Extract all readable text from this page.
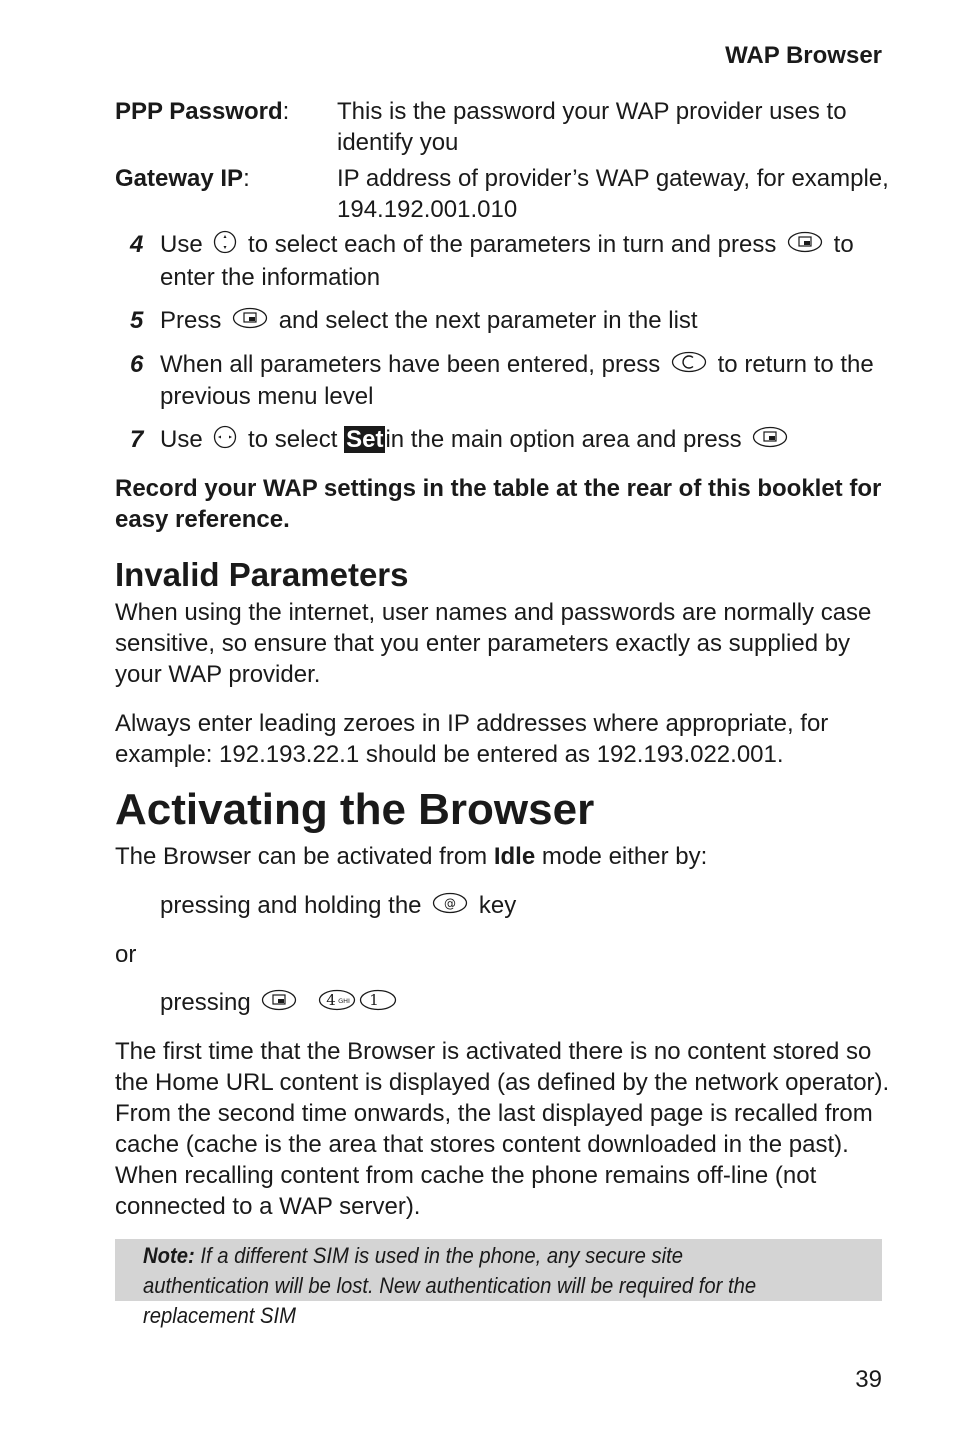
WAP Browser
PPP Password:	This is the password your WAP provider uses to identify you
Gateway IP:	IP address of provider’s WAP gateway, for example, 194.192.001.010
4 Use to select each of the parameters in turn and press to enter the information
5 Press and select the next parameter in the list
6 When all parameters have been entered, press to return to the previous menu level
7 Use to select Setin the main option area and press
Record your WAP settings in the table at the rear of this booklet for easy reference.
Invalid Parameters
When using the internet, user names and passwords are normally case sensitive, so ensure that you enter parameters exactly as supplied by your WAP provider.
Always enter leading zeroes in IP addresses where appropriate, for example: 192.193.22.1 should be entered as 192.193.022.001.
Activating the Browser
The Browser can be activated from Idle mode either by:
pressing and holding the @ key
or
pressing	4 GHI
1
The first time that the Browser is activated there is no content stored so the Home URL content is displayed (as defined by the network operator). From the second time onwards, the last displayed page is recalled from cache (cache is the area that stores content downloaded in the past). When recalling content from cache the phone remains off-line (not connected to a WAP server).
Note: If a different SIM is used in the phone, any secure site authentication will be lost. New authentication will be required for the replacement SIM
39
